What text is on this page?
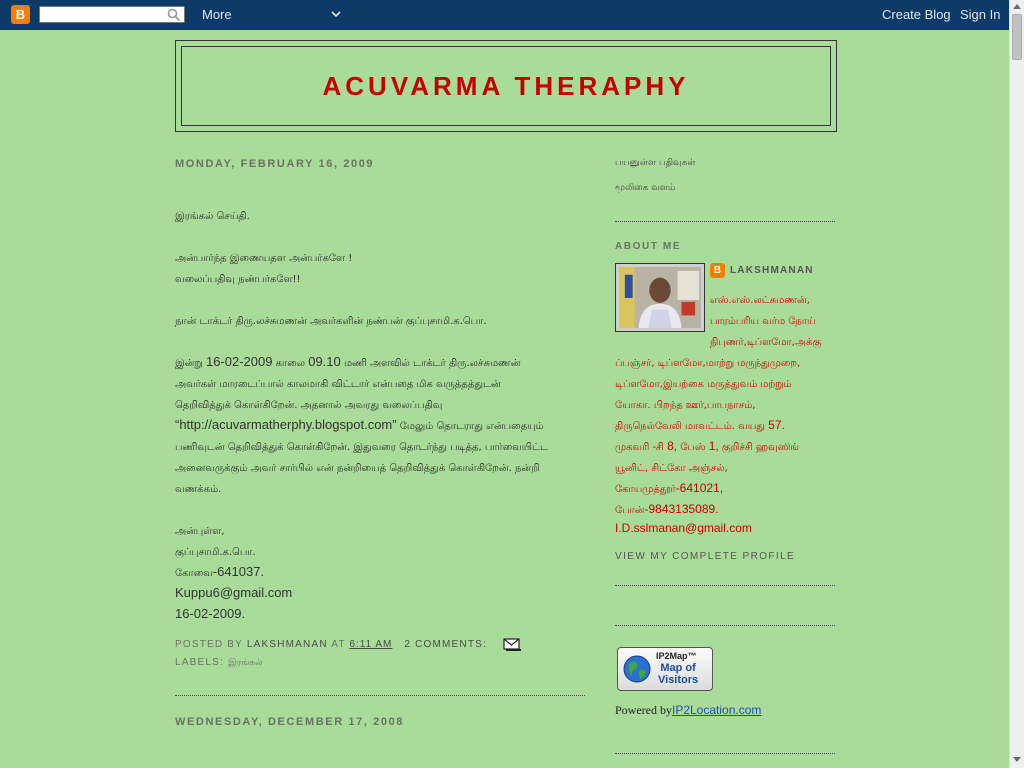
B	More	Create Blog Sign In
ACUVARMA THERAPHY
MONDAY, FEBRUARY 16, 2009

இரங்கல் செய்தி.

அன்பார்ந்த இணையதள அன்பர்களே !

வலைப்பதிவு நண்பர்களே!!

நான் டாக்டர் திரு.லச்சுமணன் அவர்களின் நண்பன் குப்புசாமி.க.பொ.

இன்று 16-02-2009 காலை 09.10 மணி அளவில் டாக்டர் திரு.லச்சுமணன்

அவர்கள் மாரடைப்பால் காலமாகி விட்டார் என்பதை மிக வருத்தத்துடன்

தெறிவித்துக் கொள்கிறேன். அதனால் அவரது வலைப்பதிவு

“http://acuvarmatherphy.blogspot.com” மேலும் தொடராது என்பதையும்

பணிவுடன் தெறிவித்துக் கொள்கிறேன். இதுவரை தொடர்ந்து படித்த, பார்வையிட்ட

அனைவருக்கும் அவர் சார்பில் என் நன்றியைத் தெறிவித்துக் கொள்கிறேன். நன்றி

வணக்கம்.

அன்புள்ள,

குப்புசாமி.க.பொ.

கோவை-641037.

Kuppu6@gmail.com

16-02-2009.

POSTED BY LAKSHMANAN AT 6:11 AM 2 COMMENTS:
LABELS: இரங்கல்
WEDNESDAY, DECEMBER 17, 2008
பயனுள்ள பதிவுகள்
மூலிகை வளம்
ABOUT ME
B LAKSHMANAN
எஸ்.எஸ்.லட்சுமணன்,
பாரம்பரிய வர்ம நோய்
நிபுணர்,டிப்ளமோ,அக்கு
ப்பஞ்சர், டிப்ளமோ,மாற்று மருந்துமுறை,
டிப்ளமோ,இயற்கை மருத்துவம் மற்றும்
யோகா. பிறந்த ஊர்,பாபநாசம்,
திருநெல்வேலி மாவட்டம். வயது 57.
முகவரி -சி 8, பேஸ் 1, குறிச்சி ஹவுஸிங்
யூனிட், சிட்கோ அஞ்சல்,
கோயமுத்தூர்-641021,
போன்-9843135089.
I.D.sslmanan@gmail.com
VIEW MY COMPLETE PROFILE
IP2Map™
Map of
Visitors
Powered byIP2Location.com
